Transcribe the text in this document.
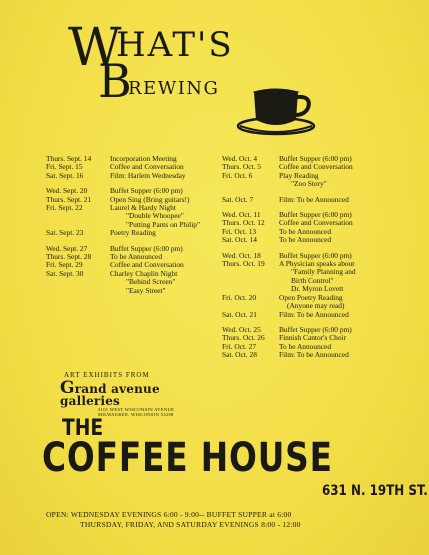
W HAT'S
B
REWING
Thurs. Sept. 14	Incorporation Meeting
Fri. Sept. 15	Coffee and Conversation
Sat. Sept. 16	Film: Harlem Wednesday
Wed. Sept. 20	Buffet Supper (6:00 pm)
Thurs. Sept. 21	Open Sing (Bring guitars!)
Fri. Sept. 22	Laurel & Hardy Night
"Double Whoopee"
"Putting Pants on Philip"
Sat. Sept. 23	Poetry Reading
Wed. Sept. 27	Buffet Supper (6:00 pm)
Thurs. Sept. 28	To be Announced
Fri. Sept. 29	Coffee and Conversation
Sat. Sept. 30	Charley Chaplin Night
"Behind Screen"
"Easy Street"
Wed. Oct. 4	Buffet Supper (6:00 pm)
Thurs. Oct. 5	Coffee and Conversation
Fri. Oct. 6	Play Reading
"Zoo Story"
Sat. Oct. 7	Film: To be Announced
Wed. Oct. 11	Buffet Supper (6:00 pm)
Thurs. Oct. 12	Coffee and Conversation
Fri. Oct. 13	To be Announced
Sat. Oct. 14	To be Announced
Wed. Oct. 18	Buffet Supper (6:00 pm)
Thurs. Oct. 19	A Physician speaks about
"Family Planning and
Birth Control"
Dr. Myron Lovett
Fri. Oct. 20	Open Poetry Reading
(Anyone may read)
Sat. Oct. 21	Film: To be Announced
Wed. Oct. 25	Buffet Supper (6:00 pm)
Thurs. Oct. 26	Finnish Cantor's Choir
Fri. Oct. 27	To be Announced
Sat. Oct. 28	Film: To be Announced
ART EXHIBITS FROM
Grand avenue galleries
3101 WEST WISCONSIN AVENUE
MILWAUKEE, WISCONSIN 53208
THE
COFFEE HOUSE
631 N. 19TH ST.
OPEN: WEDNESDAY EVENINGS 6:00 - 9:00-- BUFFET SUPPER at 6:00
THURSDAY, FRIDAY, AND SATURDAY EVENINGS 8:00 - 12:00
